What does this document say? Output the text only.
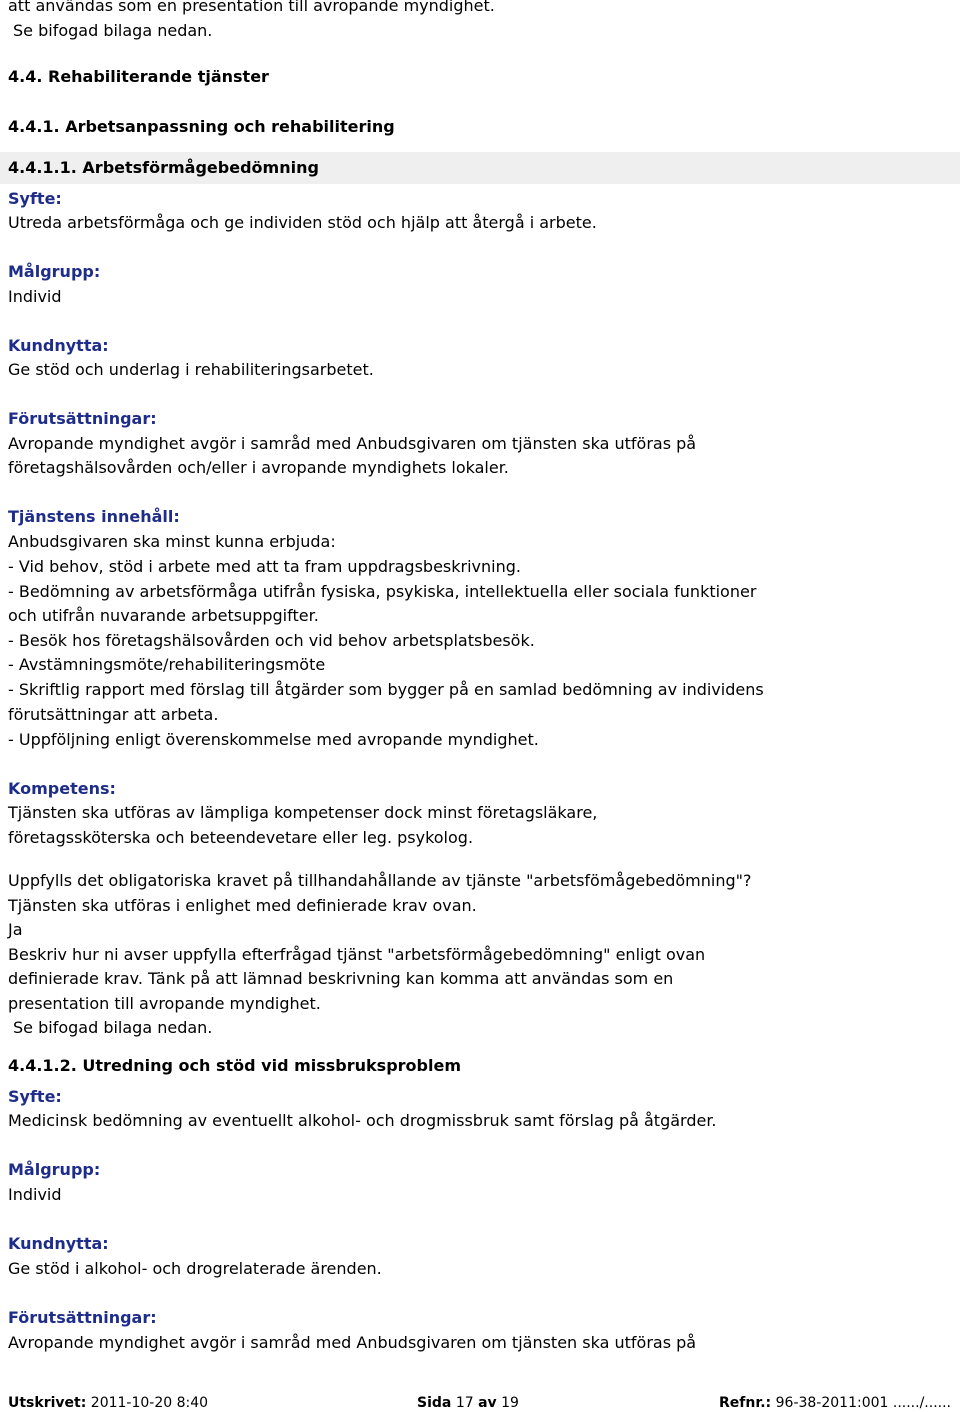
att användas som en presentation till avropande myndighet.
Se bifogad bilaga nedan.
4.4. Rehabiliterande tjänster
4.4.1. Arbetsanpassning och rehabilitering
4.4.1.1. Arbetsförmågebedömning
Syfte:
Utreda arbetsförmåga och ge individen stöd och hjälp att återgå i arbete.
Målgrupp:
Individ
Kundnytta:
Ge stöd och underlag i rehabiliteringsarbetet.
Förutsättningar:
Avropande myndighet avgör i samråd med Anbudsgivaren om tjänsten ska utföras på
företagshälsovården och/eller i avropande myndighets lokaler.
Tjänstens innehåll:
Anbudsgivaren ska minst kunna erbjuda:
- Vid behov, stöd i arbete med att ta fram uppdragsbeskrivning.
- Bedömning av arbetsförmåga utifrån fysiska, psykiska, intellektuella eller sociala funktioner
och utifrån nuvarande arbetsuppgifter.
- Besök hos företagshälsovården och vid behov arbetsplatsbesök.
- Avstämningsmöte/rehabiliteringsmöte
- Skriftlig rapport med förslag till åtgärder som bygger på en samlad bedömning av individens
förutsättningar att arbeta.
- Uppföljning enligt överenskommelse med avropande myndighet.
Kompetens:
Tjänsten ska utföras av lämpliga kompetenser dock minst företagsläkare,
företagssköterska och beteendevetare eller leg. psykolog.
Uppfylls det obligatoriska kravet på tillhandahållande av tjänste "arbetsfömågebedömning"?
Tjänsten ska utföras i enlighet med definierade krav ovan.
Ja
Beskriv hur ni avser uppfylla efterfrågad tjänst "arbetsförmågebedömning" enligt ovan
definierade krav. Tänk på att lämnad beskrivning kan komma att användas som en
presentation till avropande myndighet.
Se bifogad bilaga nedan.
4.4.1.2. Utredning och stöd vid missbruksproblem
Syfte:
Medicinsk bedömning av eventuellt alkohol- och drogmissbruk samt förslag på åtgärder.
Målgrupp:
Individ
Kundnytta:
Ge stöd i alkohol- och drogrelaterade ärenden.
Förutsättningar:
Avropande myndighet avgör i samråd med Anbudsgivaren om tjänsten ska utföras på
Utskrivet: 2011-10-20 8:40	Sida 17 av 19	Refnr.: 96-38-2011:001 ....../......
